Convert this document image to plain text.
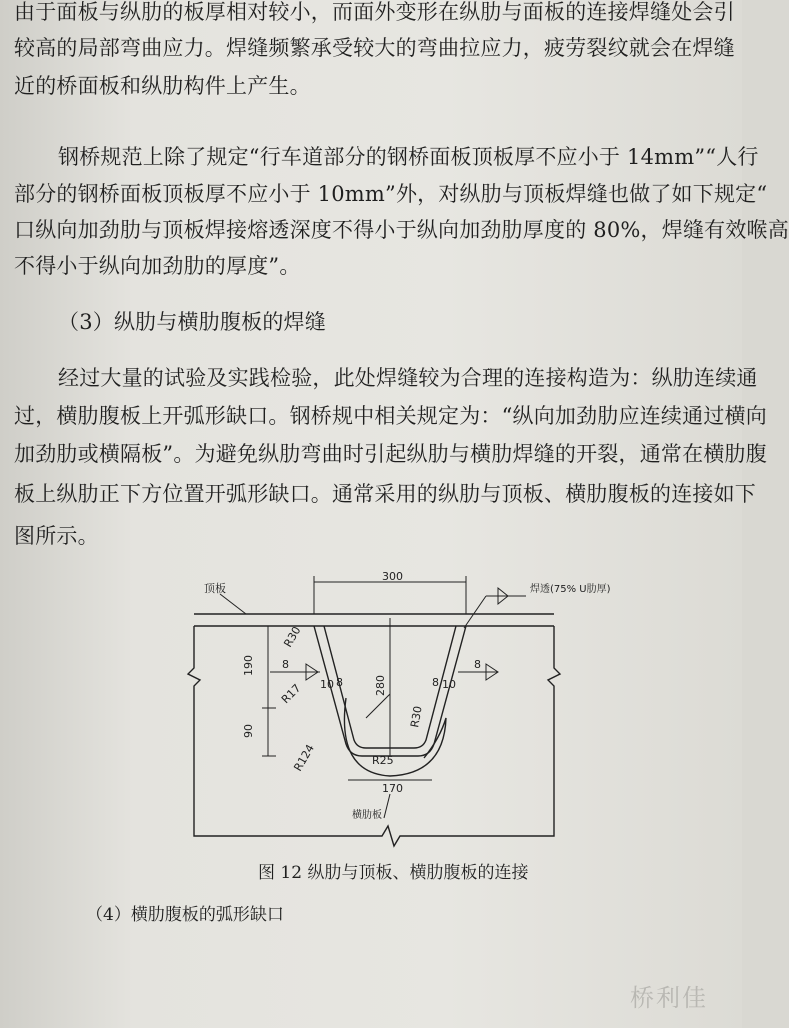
由于面板与纵肋的板厚相对较小，而面外变形在纵肋与面板的连接焊缝处会引
较高的局部弯曲应力。焊缝频繁承受较大的弯曲拉应力，疲劳裂纹就会在焊缝
近的桥面板和纵肋构件上产生。
钢桥规范上除了规定“行车道部分的钢桥面板顶板厚不应小于 14mm”“人行
部分的钢桥面板顶板厚不应小于 10mm”外，对纵肋与顶板焊缝也做了如下规定“
口纵向加劲肋与顶板焊接熔透深度不得小于纵向加劲肋厚度的 80%，焊缝有效喉高
不得小于纵向加劲肋的厚度”。
（3）纵肋与横肋腹板的焊缝
经过大量的试验及实践检验，此处焊缝较为合理的连接构造为：纵肋连续通
过，横肋腹板上开弧形缺口。钢桥规中相关规定为：“纵向加劲肋应连续通过横向
加劲肋或横隔板”。为避免纵肋弯曲时引起纵肋与横肋焊缝的开裂，通常在横肋腹
板上纵肋正下方位置开弧形缺口。通常采用的纵肋与顶板、横肋腹板的连接如下
图所示。
顶板	焊透(75% U肋厚)
300
170
横肋板
190
90
280
R30
R17
R124
R30
R25
8
8	8
8
10	10
图 12 纵肋与顶板、横肋腹板的连接
（4）横肋腹板的弧形缺口
桥利佳
